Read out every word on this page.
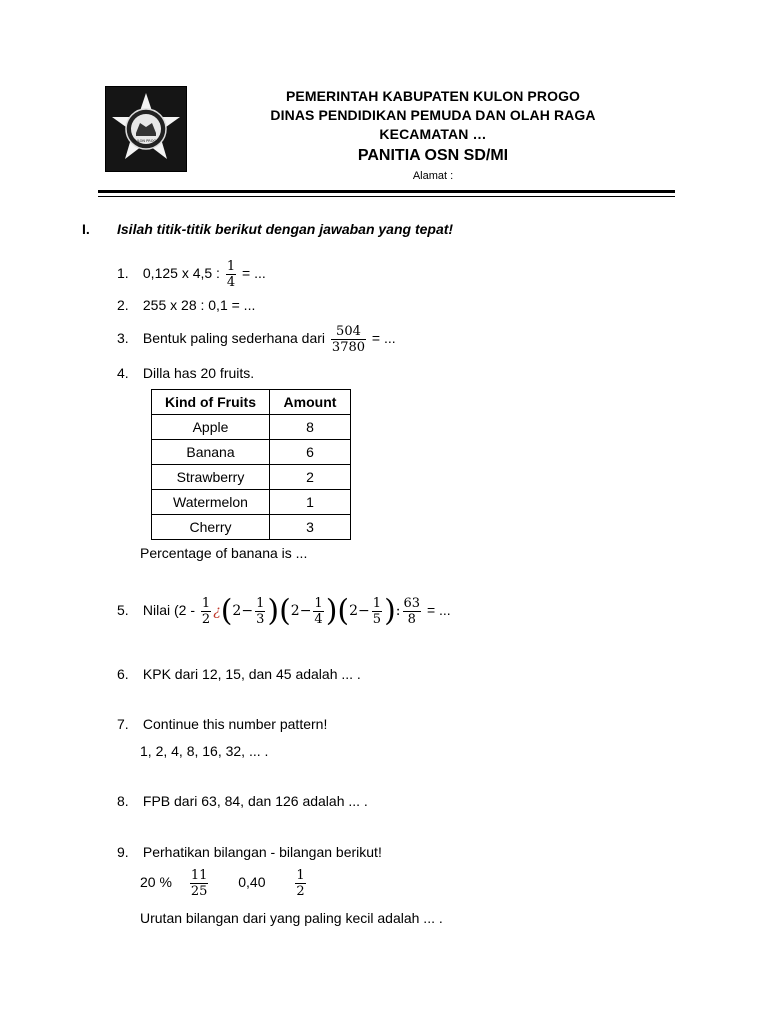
KULON PROGO
PEMERINTAH KABUPATEN KULON PROGO
DINAS PENDIDIKAN PEMUDA DAN OLAH RAGA
KECAMATAN …
PANITIA OSN SD/MI
Alamat :
I. Isilah titik-titik berikut dengan jawaban yang tepat!
1. 0,125 x 4,5 : $\frac{1}{4}$ = ...
2. 255 x 28 : 0,1 = ...
3. Bentuk paling sederhana dari $\frac{504}{3780}$ = ...
4. Dilla has 20 fruits.
Kind of Fruits	Amount
Apple	8
Banana	6
Strawberry	2
Watermelon	1
Cherry	3
Percentage of banana is ...
5. Nilai ($2 - \frac{1}{2}$ ¿$(2- \frac{1}{3} )(2- \frac{1}{4} )(2- \frac{1}{5}$ ): $\frac{63}{8}$ = ...
6. KPK dari 12, 15, dan 45 adalah ... .
7. Continue this number pattern!
1, 2, 4, 8, 16, 32, ... .
8. FPB dari 63, 84, dan 126 adalah ... .
9. Perhatikan bilangan - bilangan berikut!
20 % $\frac{11}{25} 0,40 \frac{1}{2}$
Urutan bilangan dari yang paling kecil adalah ... .
